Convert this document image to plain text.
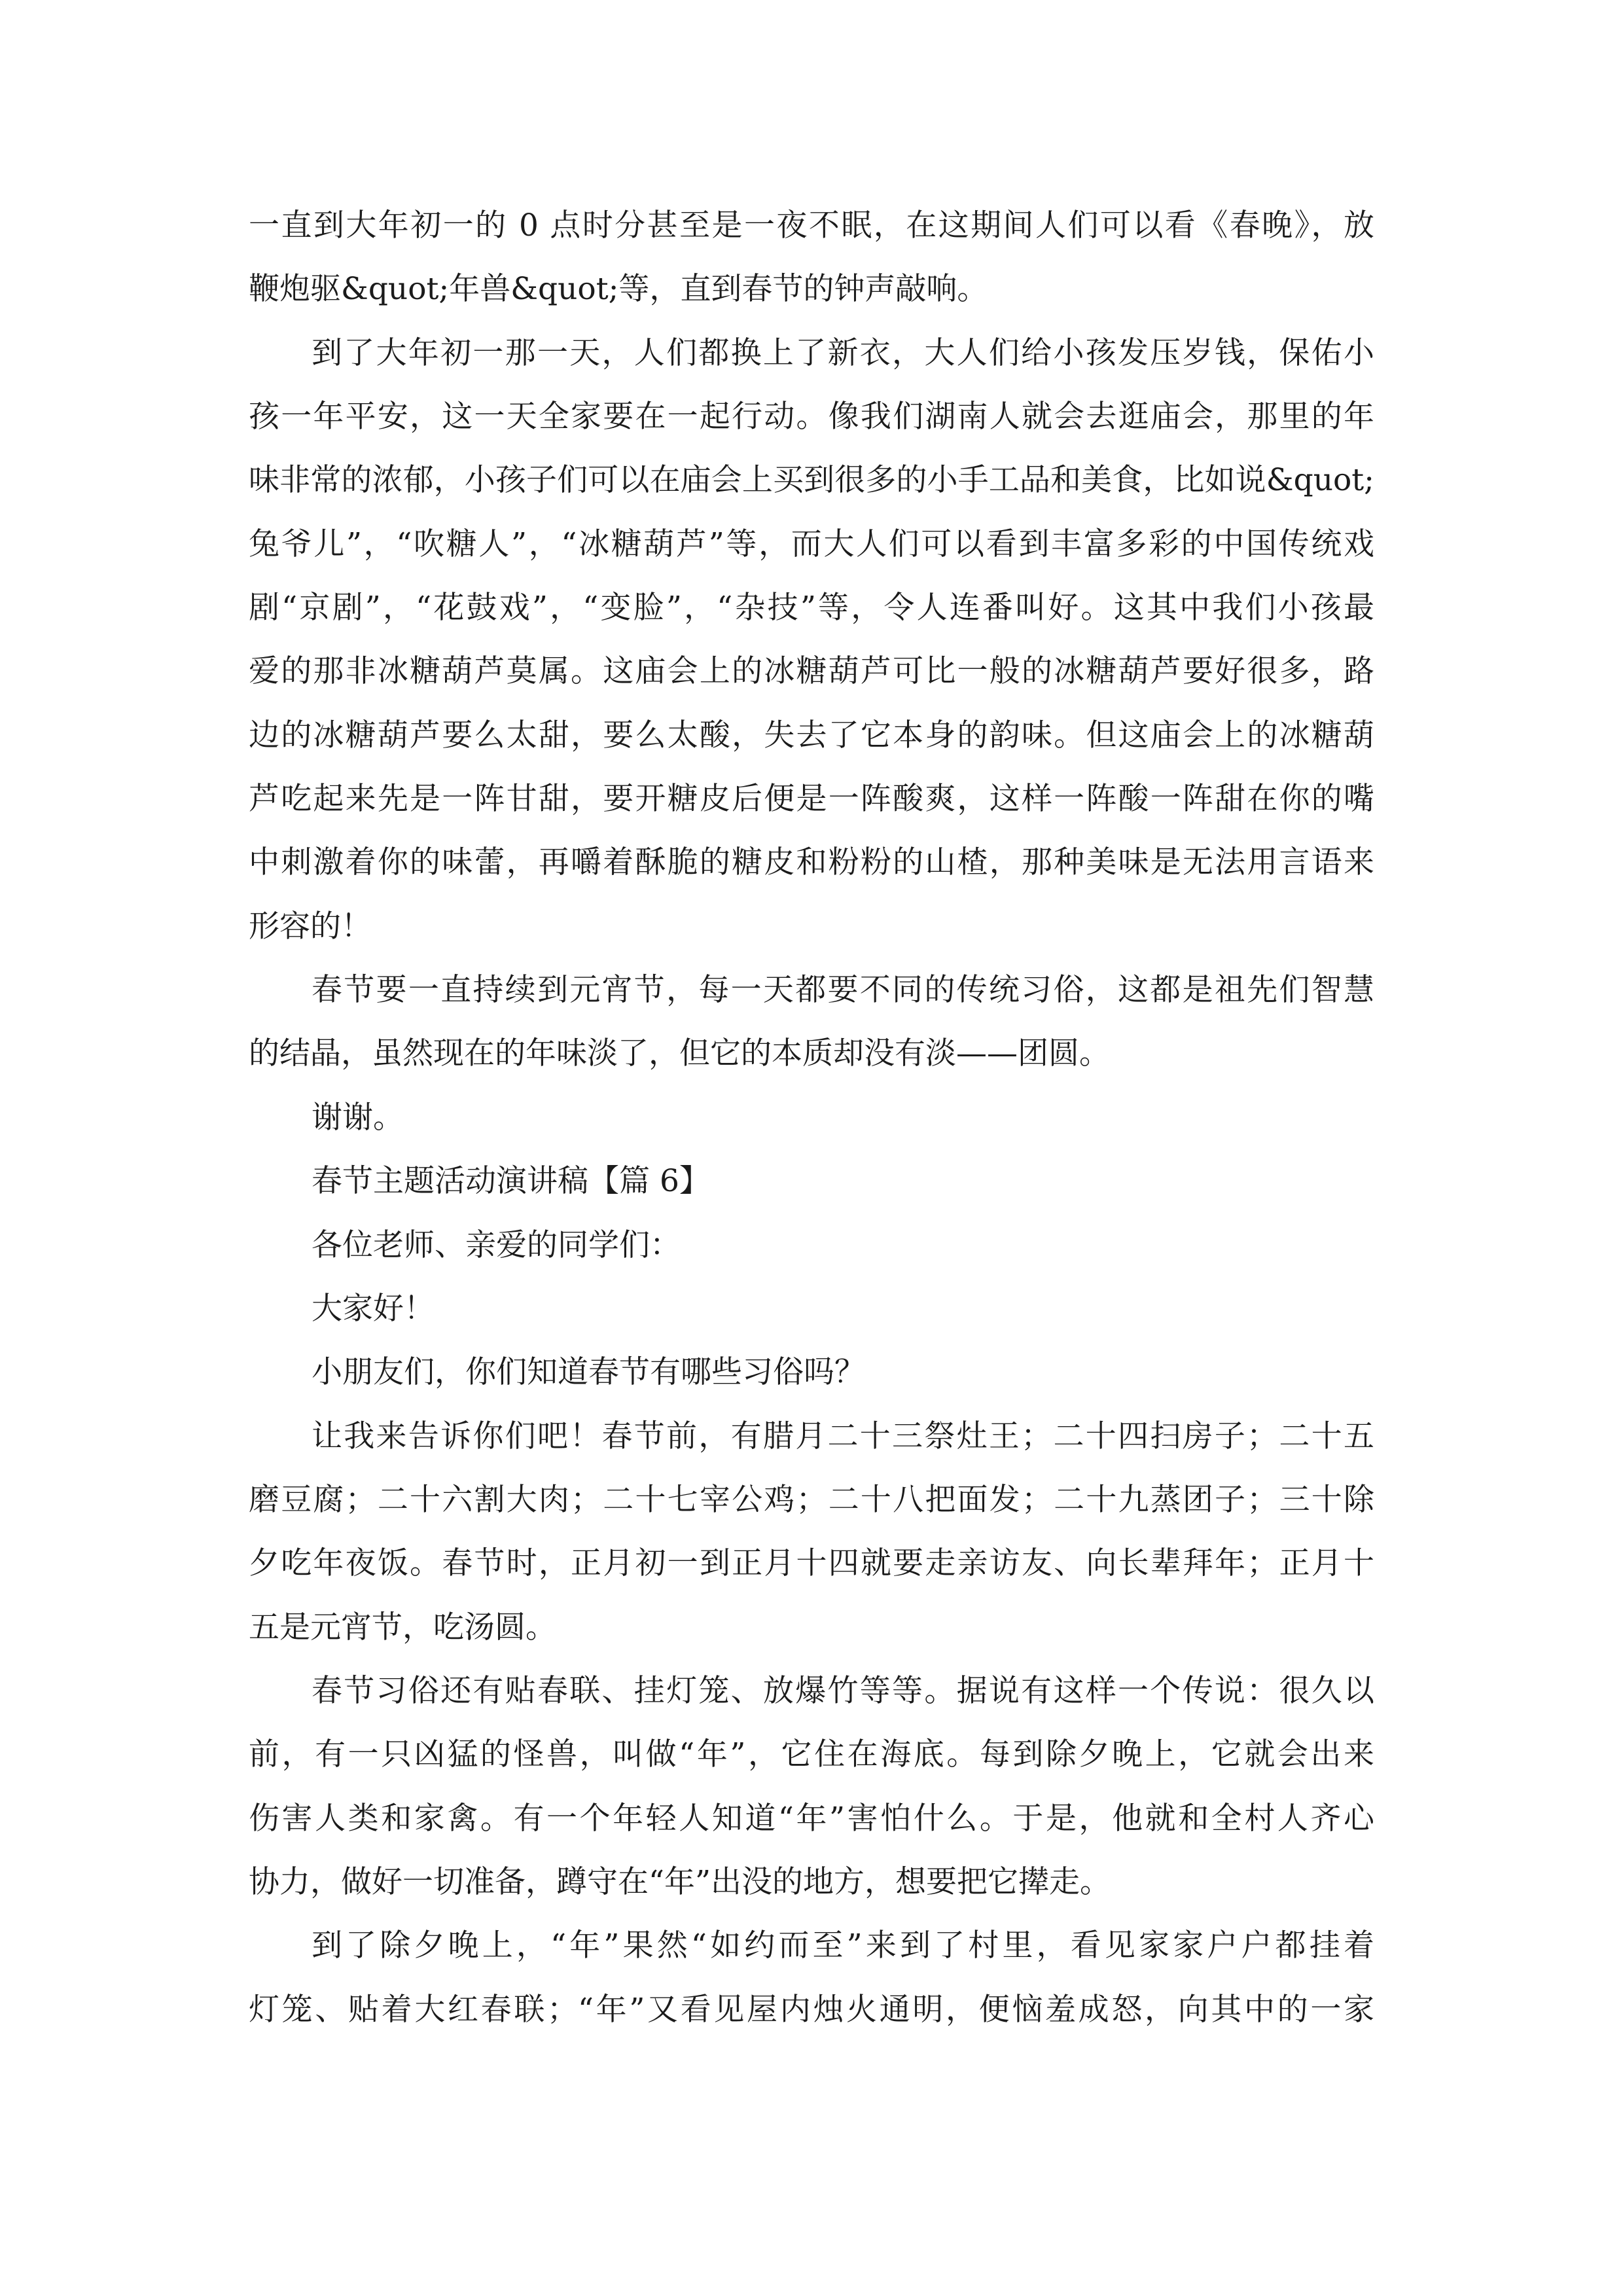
一直到大年初一的 0 点时分甚至是一夜不眠，在这期间人们可以看《春晚》，放
鞭炮驱&quot;年兽&quot;等，直到春节的钟声敲响。
到了大年初一那一天，人们都换上了新衣，大人们给小孩发压岁钱，保佑小
孩一年平安，这一天全家要在一起行动。像我们湖南人就会去逛庙会，那里的年
味非常的浓郁，小孩子们可以在庙会上买到很多的小手工品和美食，比如说&quot;
兔爷儿”，“吹糖人”，“冰糖葫芦”等，而大人们可以看到丰富多彩的中国传统戏
剧“京剧”，“花鼓戏”，“变脸”，“杂技”等，令人连番叫好。这其中我们小孩最
爱的那非冰糖葫芦莫属。这庙会上的冰糖葫芦可比一般的冰糖葫芦要好很多，路
边的冰糖葫芦要么太甜，要么太酸，失去了它本身的韵味。但这庙会上的冰糖葫
芦吃起来先是一阵甘甜，要开糖皮后便是一阵酸爽，这样一阵酸一阵甜在你的嘴
中刺激着你的味蕾，再嚼着酥脆的糖皮和粉粉的山楂，那种美味是无法用言语来
形容的！
春节要一直持续到元宵节，每一天都要不同的传统习俗，这都是祖先们智慧
的结晶，虽然现在的年味淡了，但它的本质却没有淡——团圆。
谢谢。
春节主题活动演讲稿【篇 6】
各位老师、亲爱的同学们：
大家好！
小朋友们，你们知道春节有哪些习俗吗？
让我来告诉你们吧！春节前，有腊月二十三祭灶王；二十四扫房子；二十五
磨豆腐；二十六割大肉；二十七宰公鸡；二十八把面发；二十九蒸团子；三十除
夕吃年夜饭。春节时，正月初一到正月十四就要走亲访友、向长辈拜年；正月十
五是元宵节，吃汤圆。
春节习俗还有贴春联、挂灯笼、放爆竹等等。据说有这样一个传说：很久以
前，有一只凶猛的怪兽，叫做“年”，它住在海底。每到除夕晚上，它就会出来
伤害人类和家禽。有一个年轻人知道“年”害怕什么。于是，他就和全村人齐心
协力，做好一切准备，蹲守在“年”出没的地方，想要把它撵走。
到了除夕晚上，“年”果然“如约而至”来到了村里，看见家家户户都挂着
灯笼、贴着大红春联；“年”又看见屋内烛火通明，便恼羞成怒，向其中的一家
